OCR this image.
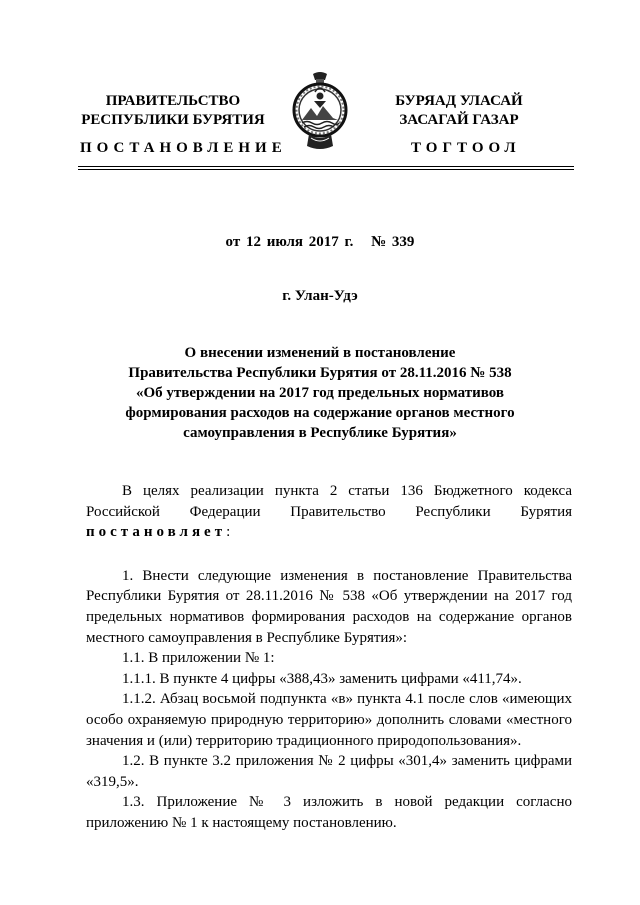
ПРАВИТЕЛЬСТВО
РЕСПУБЛИКИ БУРЯТИЯ
БУРЯАД УЛАСАЙ
ЗАСАГАЙ ГАЗАР
ПОСТАНОВЛЕНИЕ	ТОГТООЛ
от 12 июля 2017 г. № 339
г. Улан-Удэ
О внесении изменений в постановление
Правительства Республики Бурятия от 28.11.2016 № 538
«Об утверждении на 2017 год предельных нормативов
формирования расходов на содержание органов местного
самоуправления в Республике Бурятия»

В целях реализации пункта 2 статьи 136 Бюджетного кодекса Российской Федерации Правительство Республики Бурятия постановляет:

1. Внести следующие изменения в постановление Правительства Республики Бурятия от 28.11.2016 № 538 «Об утверждении на 2017 год предельных нормативов формирования расходов на содержание органов местного самоуправления в Республике Бурятия»:

1.1. В приложении № 1:

1.1.1. В пункте 4 цифры «388,43» заменить цифрами «411,74».

1.1.2. Абзац восьмой подпункта «в» пункта 4.1 после слов «имеющих особо охраняемую природную территорию» дополнить словами «местного значения и (или) территорию традиционного природопользования».

1.2. В пункте 3.2 приложения № 2 цифры «301,4» заменить цифрами «319,5».

1.3. Приложение № 3 изложить в новой редакции согласно приложению № 1 к настоящему постановлению.
